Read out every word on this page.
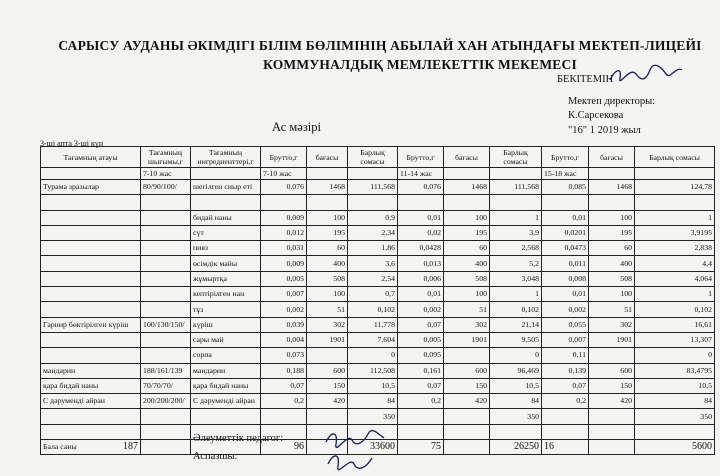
САРЫСУ АУДАНЫ ӘКІМДІГІ БІЛІМ БӨЛІМІНІҢ АБЫЛАЙ ХАН АТЫНДАҒЫ МЕКТЕП-ЛИЦЕЙІ
КОММУНАЛДЫҚ МЕМЛЕКЕТТІК МЕКЕМЕСІ
БЕКІТЕМІН
Мектеп директоры:
К.Сарсекова
"16" 1 2019 жыл
Ас мәзірі
3-ші апта 3-ші күн
Тағамның атауы	Тағамның шығымы,г	Тағамның ингредиенттері,г	Брутто,г	бағасы	Барлық сомасы	Брутто,г	бағасы	Барлық сомасы	Брутто,г	бағасы	Барлық сомасы
	7-10 жас		7-10 жас			11-14 жас			15-18 жас		
Турама зразылар	80/90/100/	шегілген сиыр еті	0,076	1468	111,568	0,076	1468	111,568	0,085	1468	124,78

		бидай наны	0,009	100	0,9	0,01	100	1	0,01	100	1
		сүт	0,012	195	2,34	0,02	195	3,9	0,0201	195	3,9195
		пияз	0,031	60	1,86	0,0428	60	2,568	0,0473	60	2,838
		өсімдік майы	0,009	400	3,6	0,013	400	5,2	0,011	400	4,4
		жұмыртқа	0,005	508	2,54	0,006	508	3,048	0,008	508	4,064
		кептірілген нан	0,007	100	0,7	0,01	100	1	0,01	100	1
		тұз	0,002	51	0,102	0,002	51	0,102	0,002	51	0,102
Гарнир бөктірілген күріш	100/130/150/	күріш	0,039	302	11,778	0,07	302	21,14	0,055	302	16,61
		сары май	0,004	1901	7,604	0,005	1901	9,505	0,007	1901	13,307
		сорпа	0,073		0	0,095		0	0,11		0
мандарин	188/161/139	мандарин	0,188	600	112,508	0,161	600	96,469	0,139	600	83,4795
қара бидай наны	70/70/70/	қара бидай наны	0,07	150	10,5	0,07	150	10,5	0,07	150	10,5
С дәруменді айран	200/200/200/	С дәруменді айран	0,2	420	84	0,2	420	84	0,2	420	84
					350			350			350

Бала саны 187			96		33600	75		26250	16		5600
Әлеуметтік педагог:
Аспазшы:
